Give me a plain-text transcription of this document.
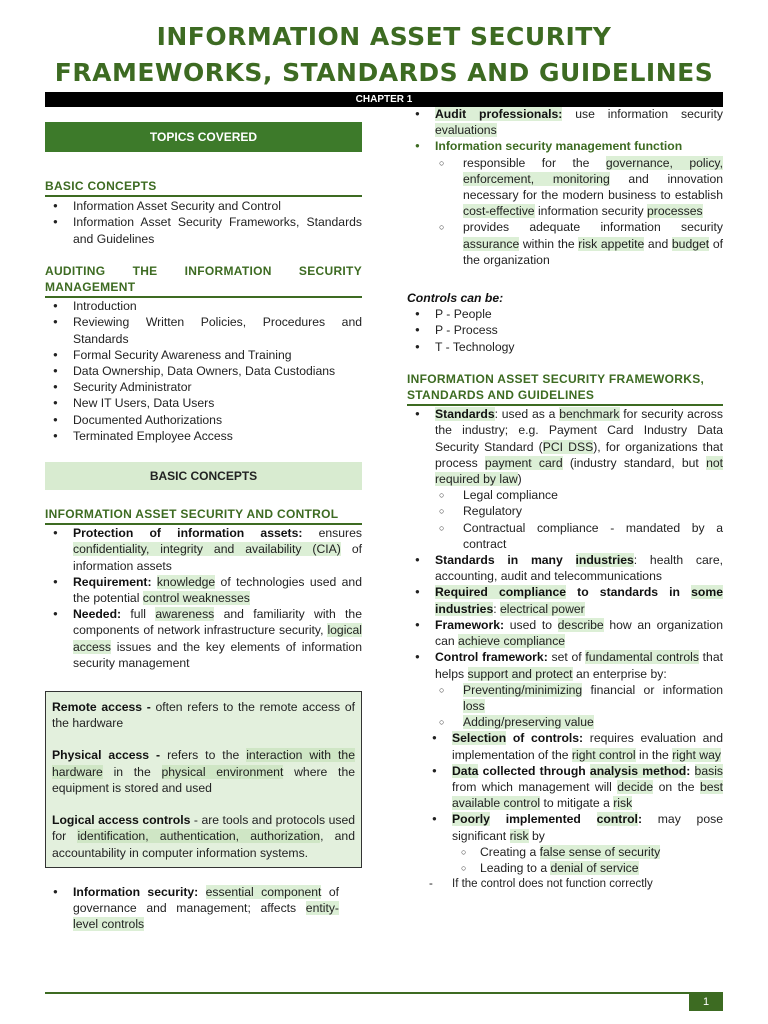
INFORMATION ASSET SECURITY
FRAMEWORKS, STANDARDS AND GUIDELINES
CHAPTER 1
TOPICS COVERED
BASIC CONCEPTS
● Information Asset Security and Control
● Information Asset Security Frameworks, Standards and Guidelines
AUDITING THE INFORMATION SECURITY MANAGEMENT
● Introduction
● Reviewing Written Policies, Procedures and Standards
● Formal Security Awareness and Training
● Data Ownership, Data Owners, Data Custodians
● Security Administrator
● New IT Users, Data Users
● Documented Authorizations
● Terminated Employee Access
BASIC CONCEPTS
INFORMATION ASSET SECURITY AND CONTROL
● Protection of information assets: ensures confidentiality, integrity and availability (CIA) of information assets
● Requirement: knowledge of technologies used and the potential control weaknesses
● Needed: full awareness and familiarity with the components of network infrastructure security, logical access issues and the key elements of information security management

Remote access - often refers to the remote access of the hardware

Physical access - refers to the interaction with the hardware in the physical environment where the equipment is stored and used

Logical access controls - are tools and protocols used for identification, authentication, authorization, and accountability in computer information systems.

● Information security: essential component of governance and management; affects entity-level controls
● Audit professionals: use information security evaluations
● Information security management function
○ responsible for the governance, policy, enforcement, monitoring and innovation necessary for the modern business to establish cost-effective information security processes
○ provides adequate information security assurance within the risk appetite and budget of the organization
Controls can be:
● P - People
● P - Process
● T - Technology
INFORMATION ASSET SECURITY FRAMEWORKS, STANDARDS AND GUIDELINES
● Standards: used as a benchmark for security across the industry; e.g. Payment Card Industry Data Security Standard (PCI DSS), for organizations that process payment card (industry standard, but not required by law)
○ Legal compliance
○ Regulatory
○ Contractual compliance - mandated by a contract
● Standards in many industries: health care, accounting, audit and telecommunications
● Required compliance to standards in some industries: electrical power
● Framework: used to describe how an organization can achieve compliance
● Control framework: set of fundamental controls that helps support and protect an enterprise by:
○ Preventing/minimizing financial or information loss
○ Adding/preserving value
● Selection of controls: requires evaluation and implementation of the right control in the right way
● Data collected through analysis method: basis from which management will decide on the best available control to mitigate a risk
● Poorly implemented control: may pose significant risk by
○ Creating a false sense of security
○ Leading to a denial of service
- If the control does not function correctly
1
